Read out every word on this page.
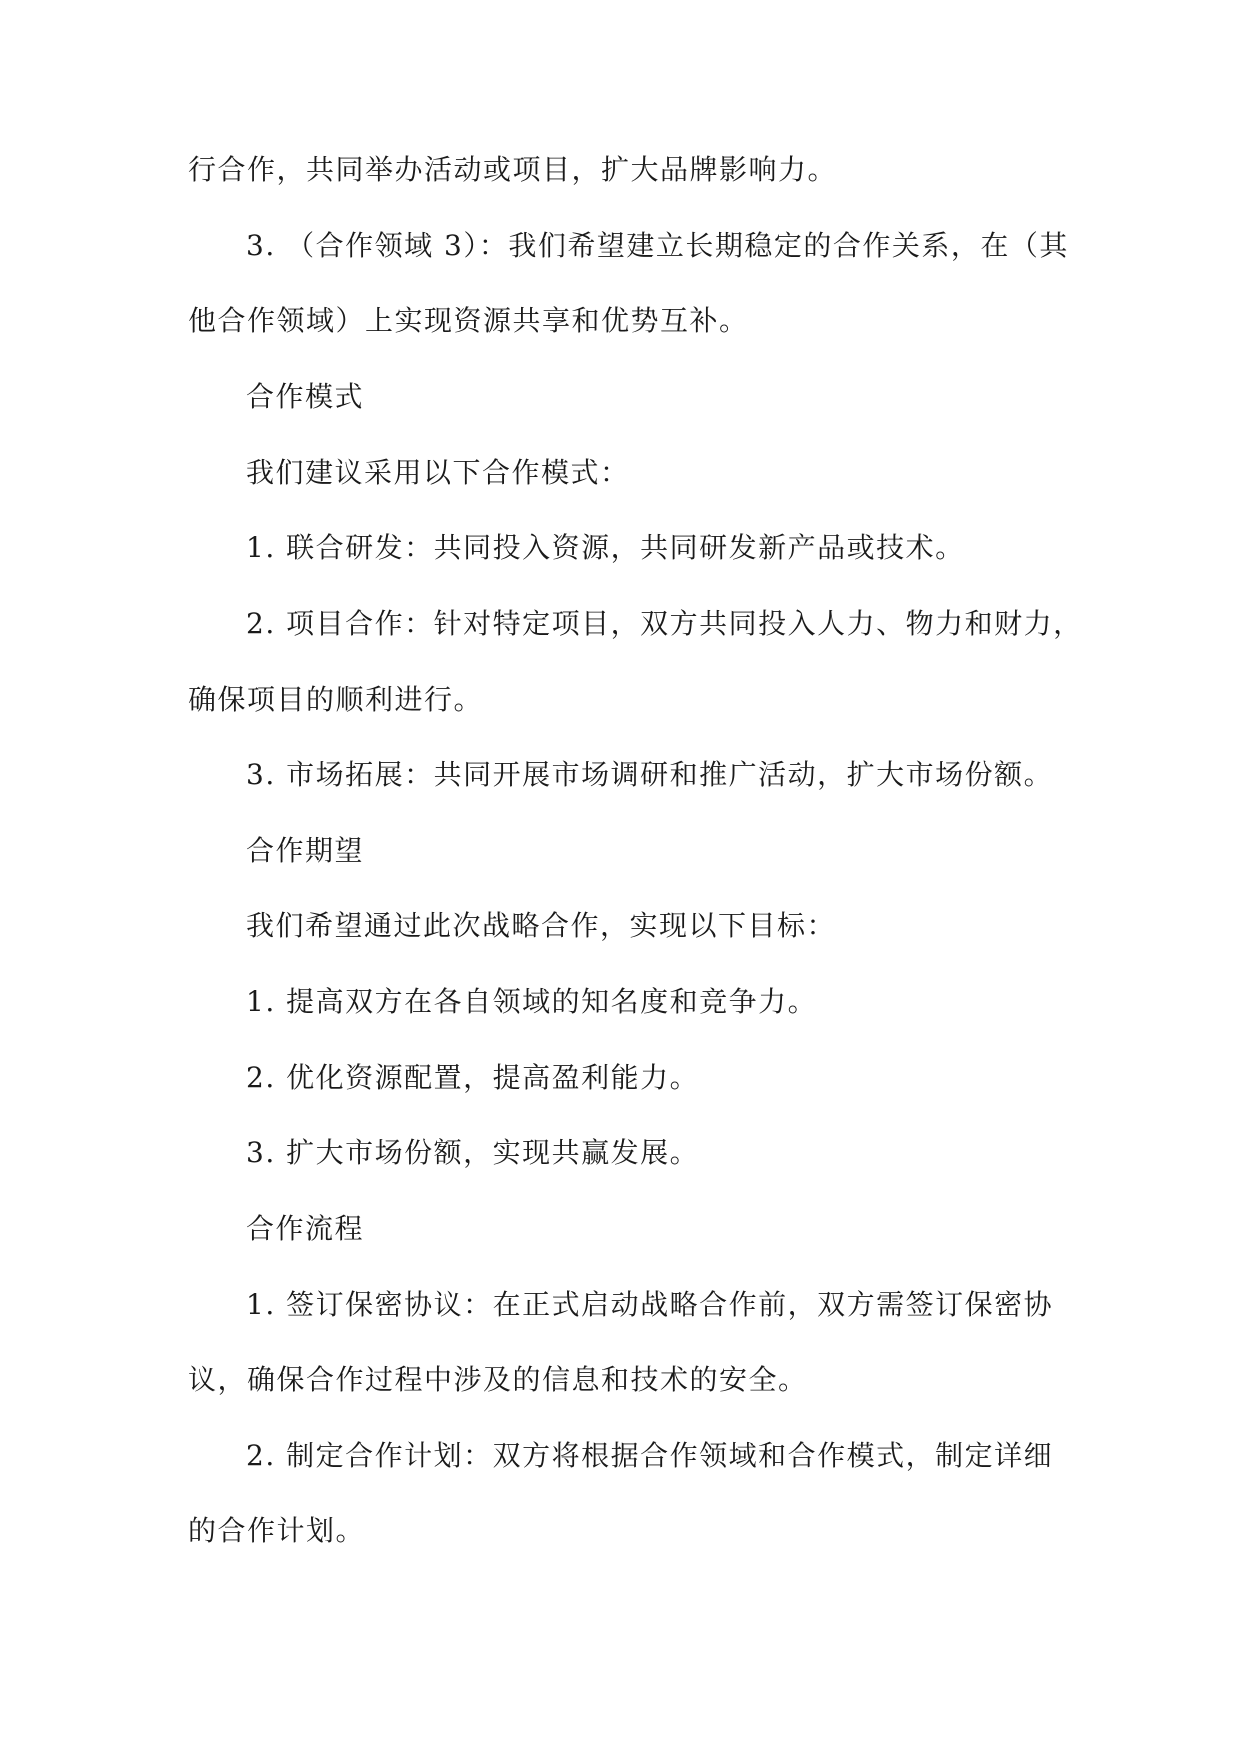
行合作，共同举办活动或项目，扩大品牌影响力。
3. （合作领域 3）：我们希望建立长期稳定的合作关系，在（其
他合作领域）上实现资源共享和优势互补。
合作模式
我们建议采用以下合作模式：
1. 联合研发：共同投入资源，共同研发新产品或技术。
2. 项目合作：针对特定项目，双方共同投入人力、物力和财力，
确保项目的顺利进行。
3. 市场拓展：共同开展市场调研和推广活动，扩大市场份额。
合作期望
我们希望通过此次战略合作，实现以下目标：
1. 提高双方在各自领域的知名度和竞争力。
2. 优化资源配置，提高盈利能力。
3. 扩大市场份额，实现共赢发展。
合作流程
1. 签订保密协议：在正式启动战略合作前，双方需签订保密协
议，确保合作过程中涉及的信息和技术的安全。
2. 制定合作计划：双方将根据合作领域和合作模式，制定详细
的合作计划。
